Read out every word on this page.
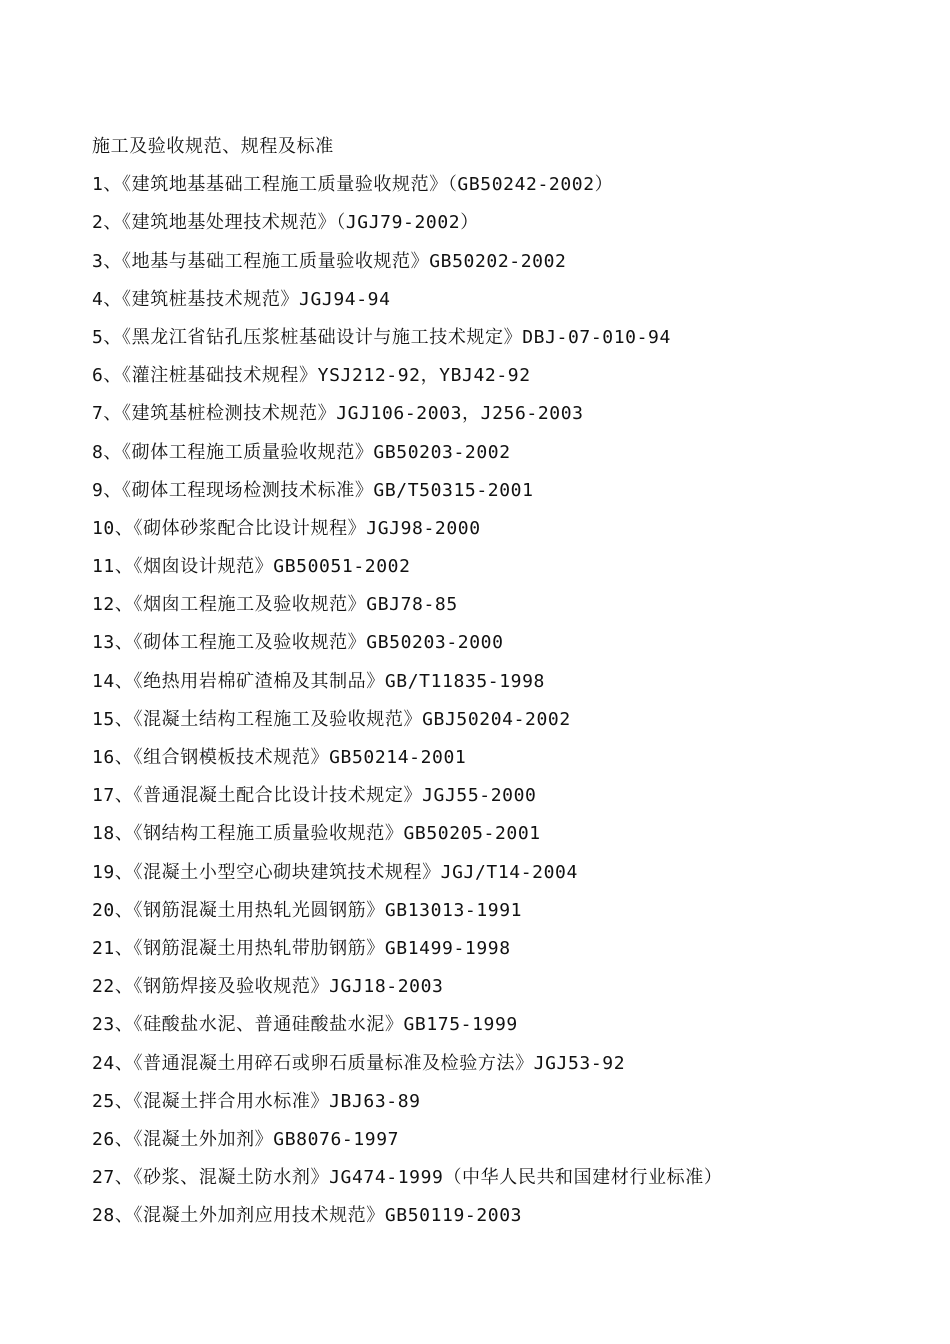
施工及验收规范、规程及标准
1、《建筑地基基础工程施工质量验收规范》（GB50242-2002）
2、《建筑地基处理技术规范》（JGJ79-2002）
3、《地基与基础工程施工质量验收规范》GB50202-2002
4、《建筑桩基技术规范》JGJ94-94
5、《黑龙江省钻孔压浆桩基础设计与施工技术规定》DBJ-07-010-94
6、《灌注桩基础技术规程》YSJ212-92，YBJ42-92
7、《建筑基桩检测技术规范》JGJ106-2003，J256-2003
8、《砌体工程施工质量验收规范》GB50203-2002
9、《砌体工程现场检测技术标准》GB/T50315-2001
10、《砌体砂浆配合比设计规程》JGJ98-2000
11、《烟囱设计规范》GB50051-2002
12、《烟囱工程施工及验收规范》GBJ78-85
13、《砌体工程施工及验收规范》GB50203-2000
14、《绝热用岩棉矿渣棉及其制品》GB/T11835-1998
15、《混凝土结构工程施工及验收规范》GBJ50204-2002
16、《组合钢模板技术规范》GB50214-2001
17、《普通混凝土配合比设计技术规定》JGJ55-2000
18、《钢结构工程施工质量验收规范》GB50205-2001
19、《混凝土小型空心砌块建筑技术规程》JGJ/T14-2004
20、《钢筋混凝土用热轧光圆钢筋》GB13013-1991
21、《钢筋混凝土用热轧带肋钢筋》GB1499-1998
22、《钢筋焊接及验收规范》JGJ18-2003
23、《硅酸盐水泥、普通硅酸盐水泥》GB175-1999
24、《普通混凝土用碎石或卵石质量标准及检验方法》JGJ53-92
25、《混凝土拌合用水标准》JBJ63-89
26、《混凝土外加剂》GB8076-1997
27、《砂浆、混凝土防水剂》JG474-1999（中华人民共和国建材行业标准）
28、《混凝土外加剂应用技术规范》GB50119-2003
